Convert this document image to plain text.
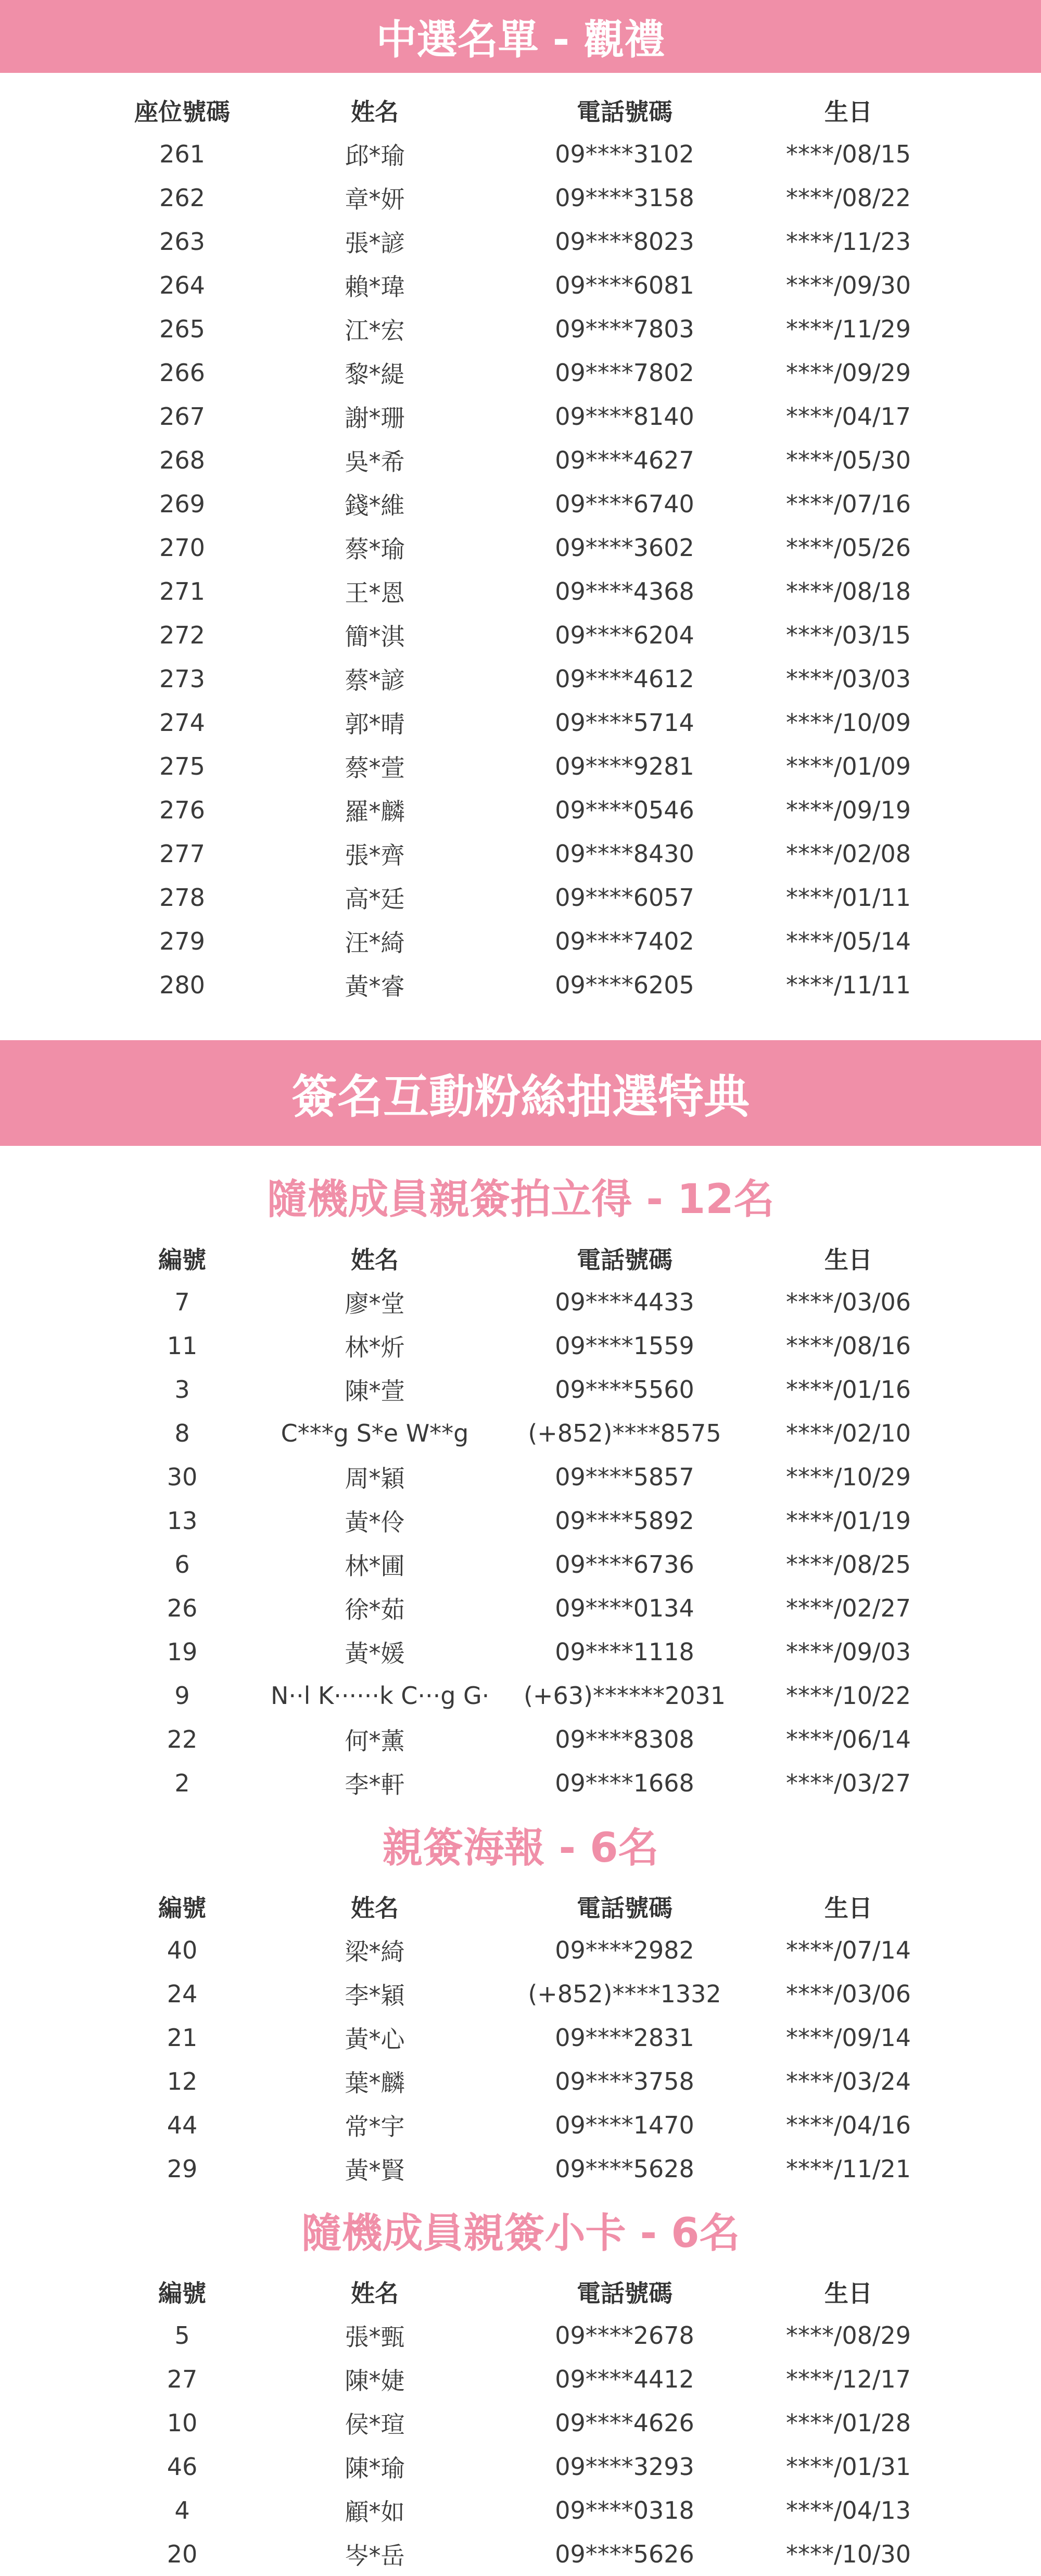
中選名單 - 觀禮
座位號碼	姓名	電話號碼	生日
261	邱*瑜	09****3102	****/08/15
262	章*妍	09****3158	****/08/22
263	張*諺	09****8023	****/11/23
264	賴*瑋	09****6081	****/09/30
265	江*宏	09****7803	****/11/29
266	黎*緹	09****7802	****/09/29
267	謝*珊	09****8140	****/04/17
268	吳*希	09****4627	****/05/30
269	錢*維	09****6740	****/07/16
270	蔡*瑜	09****3602	****/05/26
271	王*恩	09****4368	****/08/18
272	簡*淇	09****6204	****/03/15
273	蔡*諺	09****4612	****/03/03
274	郭*晴	09****5714	****/10/09
275	蔡*萱	09****9281	****/01/09
276	羅*麟	09****0546	****/09/19
277	張*齊	09****8430	****/02/08
278	高*廷	09****6057	****/01/11
279	汪*綺	09****7402	****/05/14
280	黃*睿	09****6205	****/11/11
簽名互動粉絲抽選特典
隨機成員親簽拍立得 - 12名
編號	姓名	電話號碼	生日
7	廖*堂	09****4433	****/03/06
11	林*炘	09****1559	****/08/16
3	陳*萱	09****5560	****/01/16
8	C***g S*e W**g	(+852)****8575	****/02/10
30	周*穎	09****5857	****/10/29
13	黃*伶	09****5892	****/01/19
6	林*圃	09****6736	****/08/25
26	徐*茹	09****0134	****/02/27
19	黃*媛	09****1118	****/09/03
9	N··l K······k C···g G·	(+63)******2031	****/10/22
22	何*薰	09****8308	****/06/14
2	李*軒	09****1668	****/03/27
親簽海報 - 6名
編號	姓名	電話號碼	生日
40	梁*綺	09****2982	****/07/14
24	李*穎	(+852)****1332	****/03/06
21	黃*心	09****2831	****/09/14
12	葉*麟	09****3758	****/03/24
44	常*宇	09****1470	****/04/16
29	黃*賢	09****5628	****/11/21
隨機成員親簽小卡 - 6名
編號	姓名	電話號碼	生日
5	張*甄	09****2678	****/08/29
27	陳*婕	09****4412	****/12/17
10	侯*瑄	09****4626	****/01/28
46	陳*瑜	09****3293	****/01/31
4	顧*如	09****0318	****/04/13
20	岑*岳	09****5626	****/10/30
